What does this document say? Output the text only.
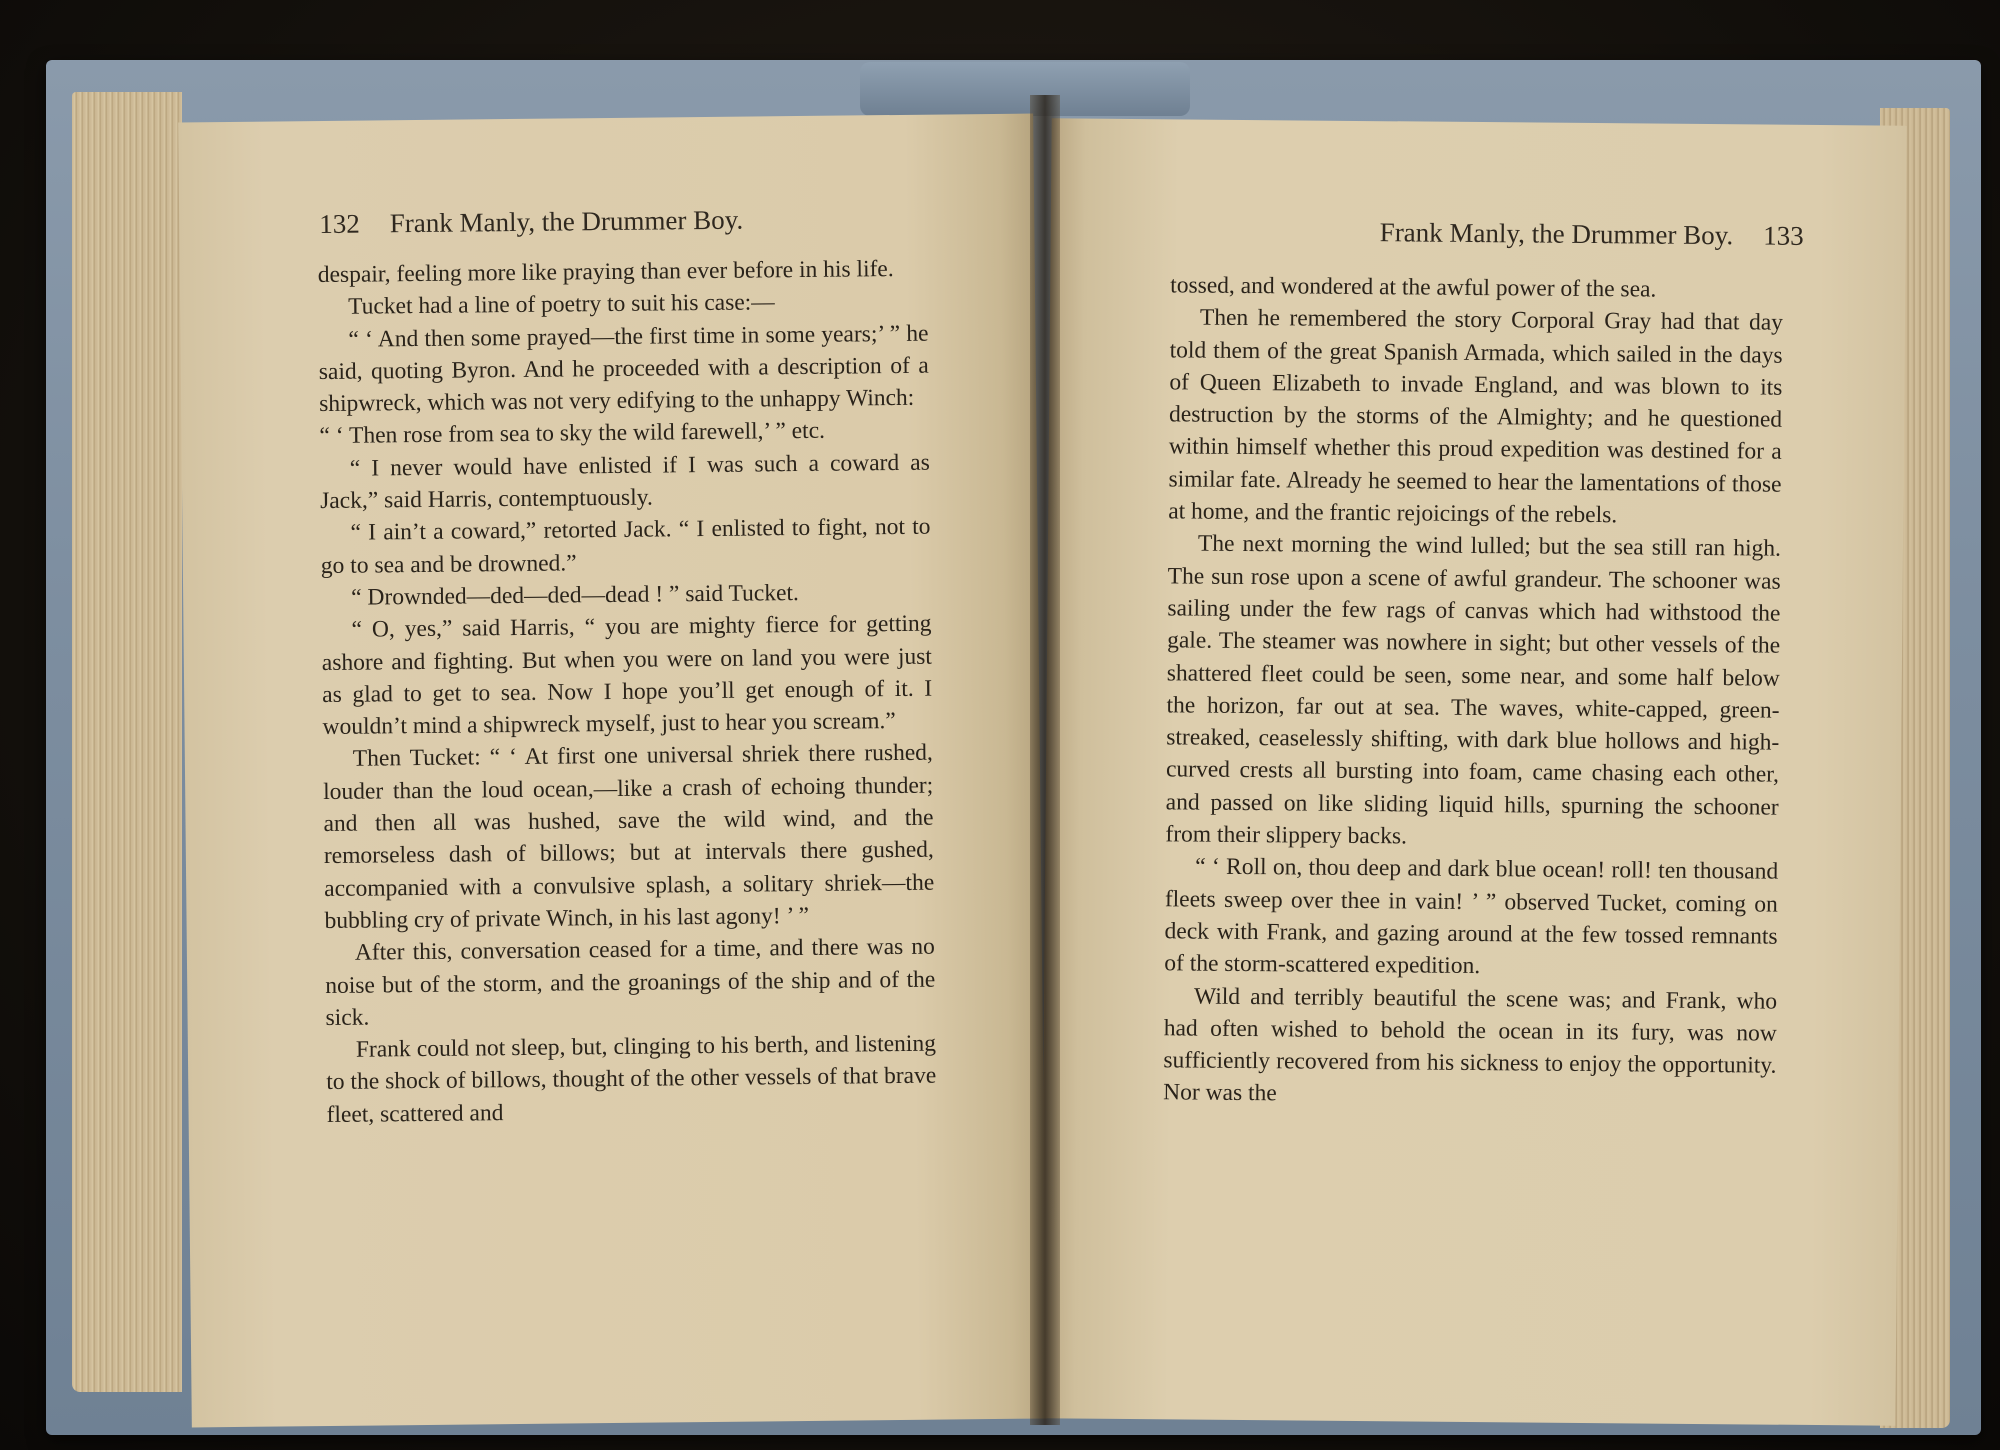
132 Frank Manly, the Drummer Boy.

despair, feeling more like praying than ever before in his life.

Tucket had a line of poetry to suit his case:—

“ ‘ And then some prayed—the first time in some years;’ ” he said, quoting Byron. And he proceeded with a description of a shipwreck, which was not very edifying to the unhappy Winch:

“ ‘ Then rose from sea to sky the wild farewell,’ ” etc.

“ I never would have enlisted if I was such a coward as Jack,” said Harris, contemptuously.

“ I ain’t a coward,” retorted Jack. “ I enlisted to fight, not to go to sea and be drowned.”

“ Drownded—ded—ded—dead ! ” said Tucket.

“ O, yes,” said Harris, “ you are mighty fierce for getting ashore and fighting. But when you were on land you were just as glad to get to sea. Now I hope you’ll get enough of it. I wouldn’t mind a shipwreck myself, just to hear you scream.”

Then Tucket: “ ‘ At first one universal shriek there rushed, louder than the loud ocean,—like a crash of echoing thunder; and then all was hushed, save the wild wind, and the remorseless dash of billows; but at intervals there gushed, accompanied with a convulsive splash, a solitary shriek—the bubbling cry of private Winch, in his last agony! ’ ”

After this, conversation ceased for a time, and there was no noise but of the storm, and the groanings of the ship and of the sick.

Frank could not sleep, but, clinging to his berth, and listening to the shock of billows, thought of the other vessels of that brave fleet, scattered and

Frank Manly, the Drummer Boy. 133

tossed, and wondered at the awful power of the sea.

Then he remembered the story Corporal Gray had that day told them of the great Spanish Armada, which sailed in the days of Queen Elizabeth to invade England, and was blown to its destruction by the storms of the Almighty; and he questioned within himself whether this proud expedition was destined for a similar fate. Already he seemed to hear the lamentations of those at home, and the frantic rejoicings of the rebels.

The next morning the wind lulled; but the sea still ran high. The sun rose upon a scene of awful grandeur. The schooner was sailing under the few rags of canvas which had withstood the gale. The steamer was nowhere in sight; but other vessels of the shattered fleet could be seen, some near, and some half below the horizon, far out at sea. The waves, white-capped, green-streaked, ceaselessly shifting, with dark blue hollows and high-curved crests all bursting into foam, came chasing each other, and passed on like sliding liquid hills, spurning the schooner from their slippery backs.

“ ‘ Roll on, thou deep and dark blue ocean! roll! ten thousand fleets sweep over thee in vain! ’ ” observed Tucket, coming on deck with Frank, and gazing around at the few tossed remnants of the storm-scattered expedition.

Wild and terribly beautiful the scene was; and Frank, who had often wished to behold the ocean in its fury, was now sufficiently recovered from his sickness to enjoy the opportunity. Nor was the
